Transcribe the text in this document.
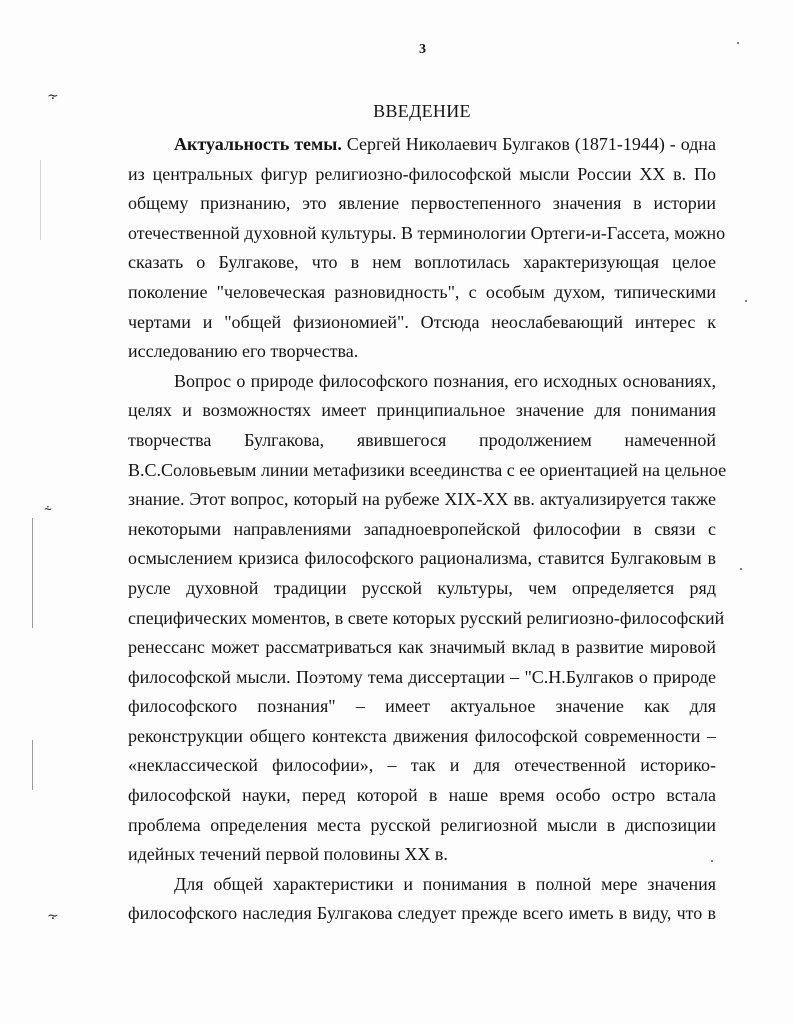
3
ВВЕДЕНИЕ
Актуальность темы. Сергей Николаевич Булгаков (1871-1944) - одна
из центральных фигур религиозно-философской мысли России XX в. По
общему признанию, это явление первостепенного значения в истории
отечественной духовной культуры. В терминологии Ортеги-и-Гассета, можно
сказать о Булгакове, что в нем воплотилась характеризующая целое
поколение "человеческая разновидность", с особым духом, типическими
чертами и "общей физиономией". Отсюда неослабевающий интерес к
исследованию его творчества.
Вопрос о природе философского познания, его исходных основаниях,
целях и возможностях имеет принципиальное значение для понимания
творчества Булгакова, явившегося продолжением намеченной
В.С.Соловьевым линии метафизики всеединства с ее ориентацией на цельное
знание. Этот вопрос, который на рубеже XIX-XX вв. актуализируется также
некоторыми направлениями западноевропейской философии в связи с
осмыслением кризиса философского рационализма, ставится Булгаковым в
русле духовной традиции русской культуры, чем определяется ряд
специфических моментов, в свете которых русский религиозно-философский
ренессанс может рассматриваться как значимый вклад в развитие мировой
философской мысли. Поэтому тема диссертации – "С.Н.Булгаков о природе
философского познания" – имеет актуальное значение как для
реконструкции общего контекста движения философской современности –
«неклассической философии», – так и для отечественной историко-
философской науки, перед которой в наше время особо остро встала
проблема определения места русской религиозной мысли в диспозиции
идейных течений первой половины XX в.
Для общей характеристики и понимания в полной мере значения
философского наследия Булгакова следует прежде всего иметь в виду, что в
⸟
⸞
⸟
